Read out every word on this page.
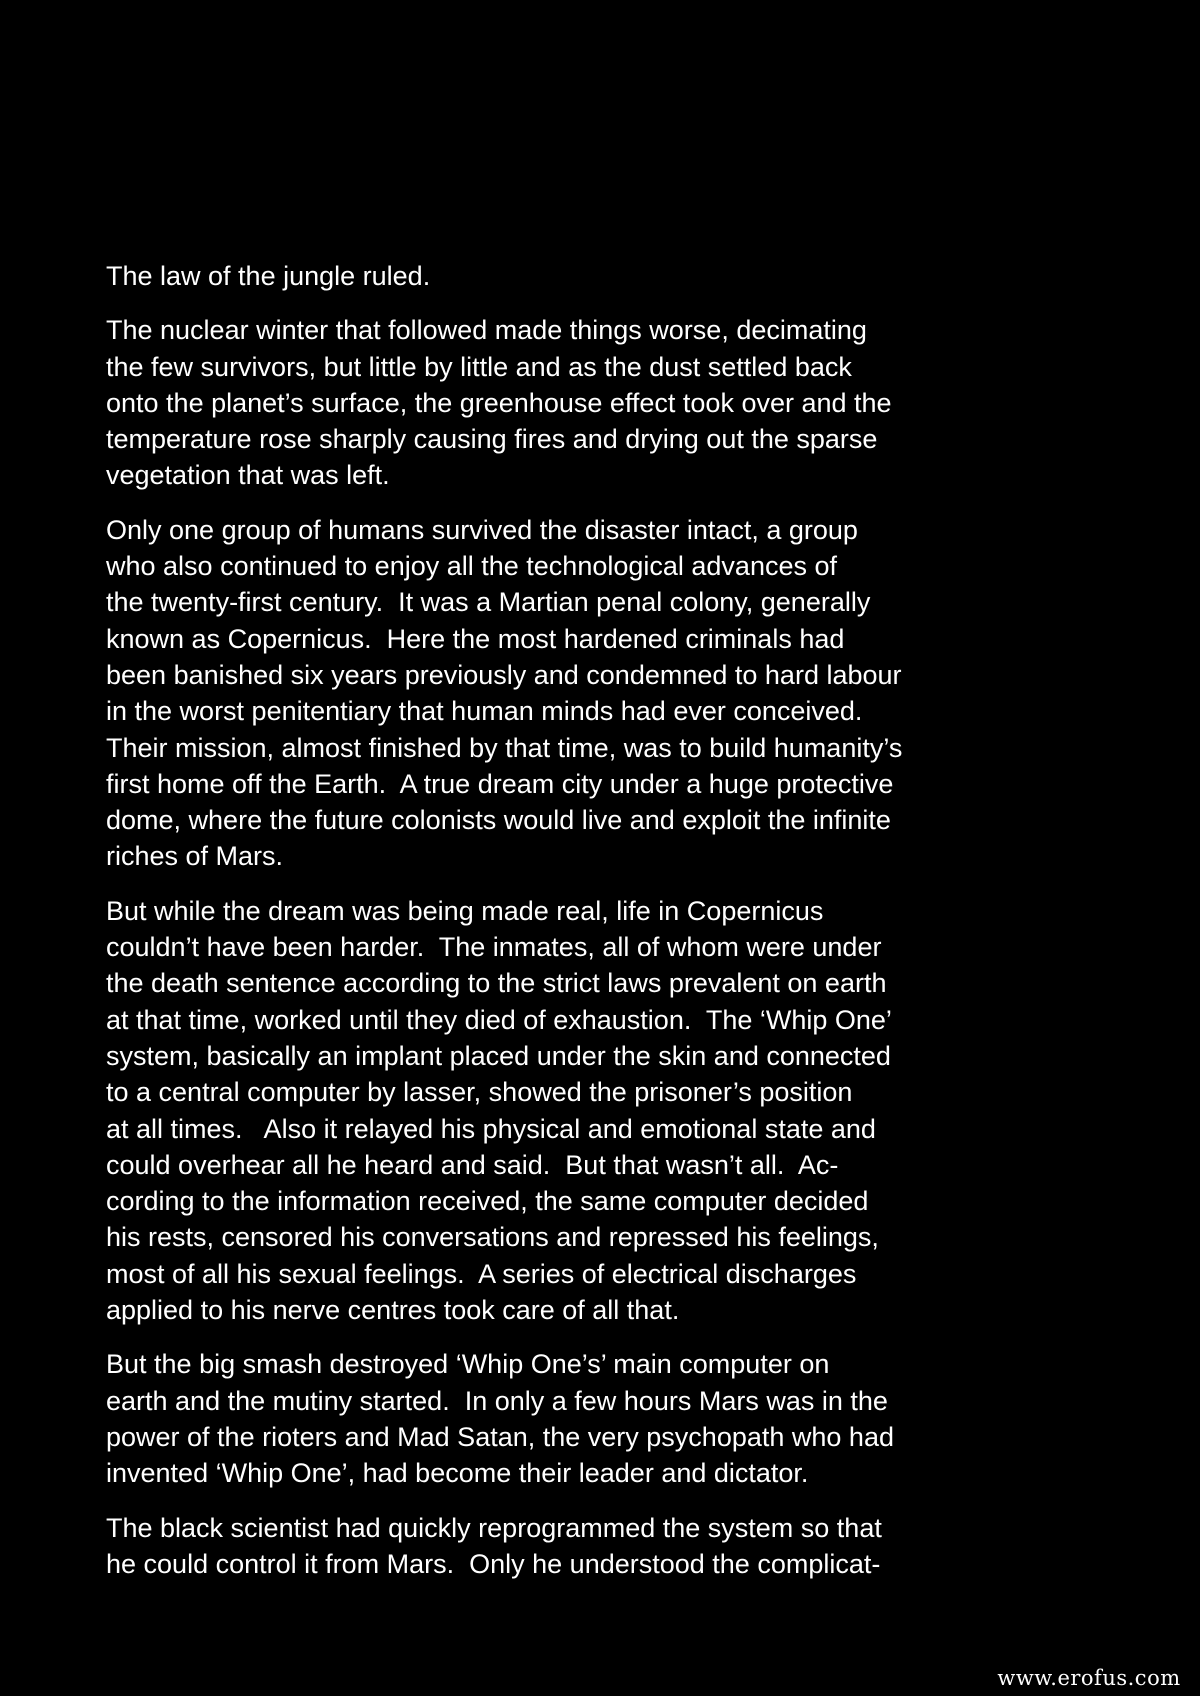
The law of the jungle ruled.
The nuclear winter that followed made things worse, decimating
the few survivors, but little by little and as the dust settled back
onto the planet’s surface, the greenhouse effect took over and the
temperature rose sharply causing fires and drying out the sparse
vegetation that was left.
Only one group of humans survived the disaster intact, a group
who also continued to enjoy all the technological advances of
the twenty-first century.  It was a Martian penal colony, generally
known as Copernicus.  Here the most hardened criminals had
been banished six years previously and condemned to hard labour
in the worst penitentiary that human minds had ever conceived.
Their mission, almost finished by that time, was to build humanity’s
first home off the Earth.  A true dream city under a huge protective
dome, where the future colonists would live and exploit the infinite
riches of Mars.
But while the dream was being made real, life in Copernicus
couldn’t have been harder.  The inmates, all of whom were under
the death sentence according to the strict laws prevalent on earth
at that time, worked until they died of exhaustion.  The ‘Whip One’
system, basically an implant placed under the skin and connected
to a central computer by lasser, showed the prisoner’s position
at all times.   Also it relayed his physical and emotional state and
could overhear all he heard and said.  But that wasn’t all.  Ac-
cording to the information received, the same computer decided
his rests, censored his conversations and repressed his feelings,
most of all his sexual feelings.  A series of electrical discharges
applied to his nerve centres took care of all that.
But the big smash destroyed ‘Whip One’s’ main computer on
earth and the mutiny started.  In only a few hours Mars was in the
power of the rioters and Mad Satan, the very psychopath who had
invented ‘Whip One’, had become their leader and dictator.
The black scientist had quickly reprogrammed the system so that
he could control it from Mars.  Only he understood the complicat-
www.erofus.com
